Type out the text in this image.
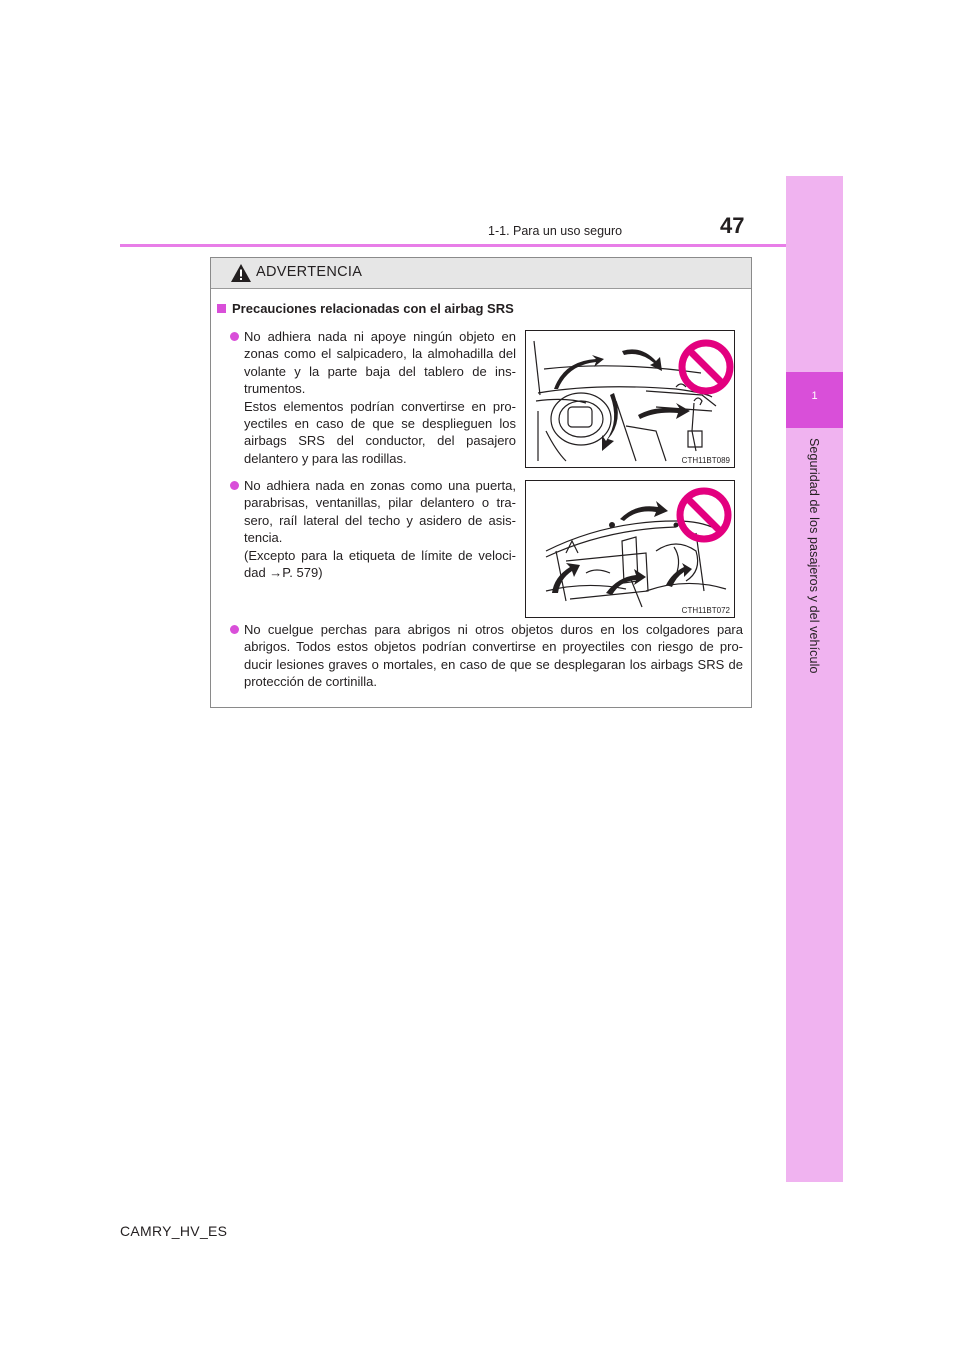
1
Seguridad de los pasajeros y del vehículo
1-1. Para un uso seguro	47
ADVERTENCIA
Precauciones relacionadas con el airbag SRS

No adhiera nada ni apoye ningún objeto en zonas como el salpicadero, la almohadilla del volante y la parte baja del tablero de ins-trumentos.

Estos elementos podrían convertirse en pro-yectiles en caso de que se desplieguen los airbags SRS del conductor, del pasajero delantero y para las rodillas.	CTH11BT089

No adhiera nada en zonas como una puerta, parabrisas, ventanillas, pilar delantero o tra-sero, raíl lateral del techo y asidero de asis-tencia.

(Excepto para la etiqueta de límite de veloci-dad →P. 579)

CTH11BT072

No cuelgue perchas para abrigos ni otros objetos duros en los colgadores para abrigos. Todos estos objetos podrían convertirse en proyectiles con riesgo de pro-ducir lesiones graves o mortales, en caso de que se desplegaran los airbags SRS de protección de cortinilla.

CAMRY_HV_ES
